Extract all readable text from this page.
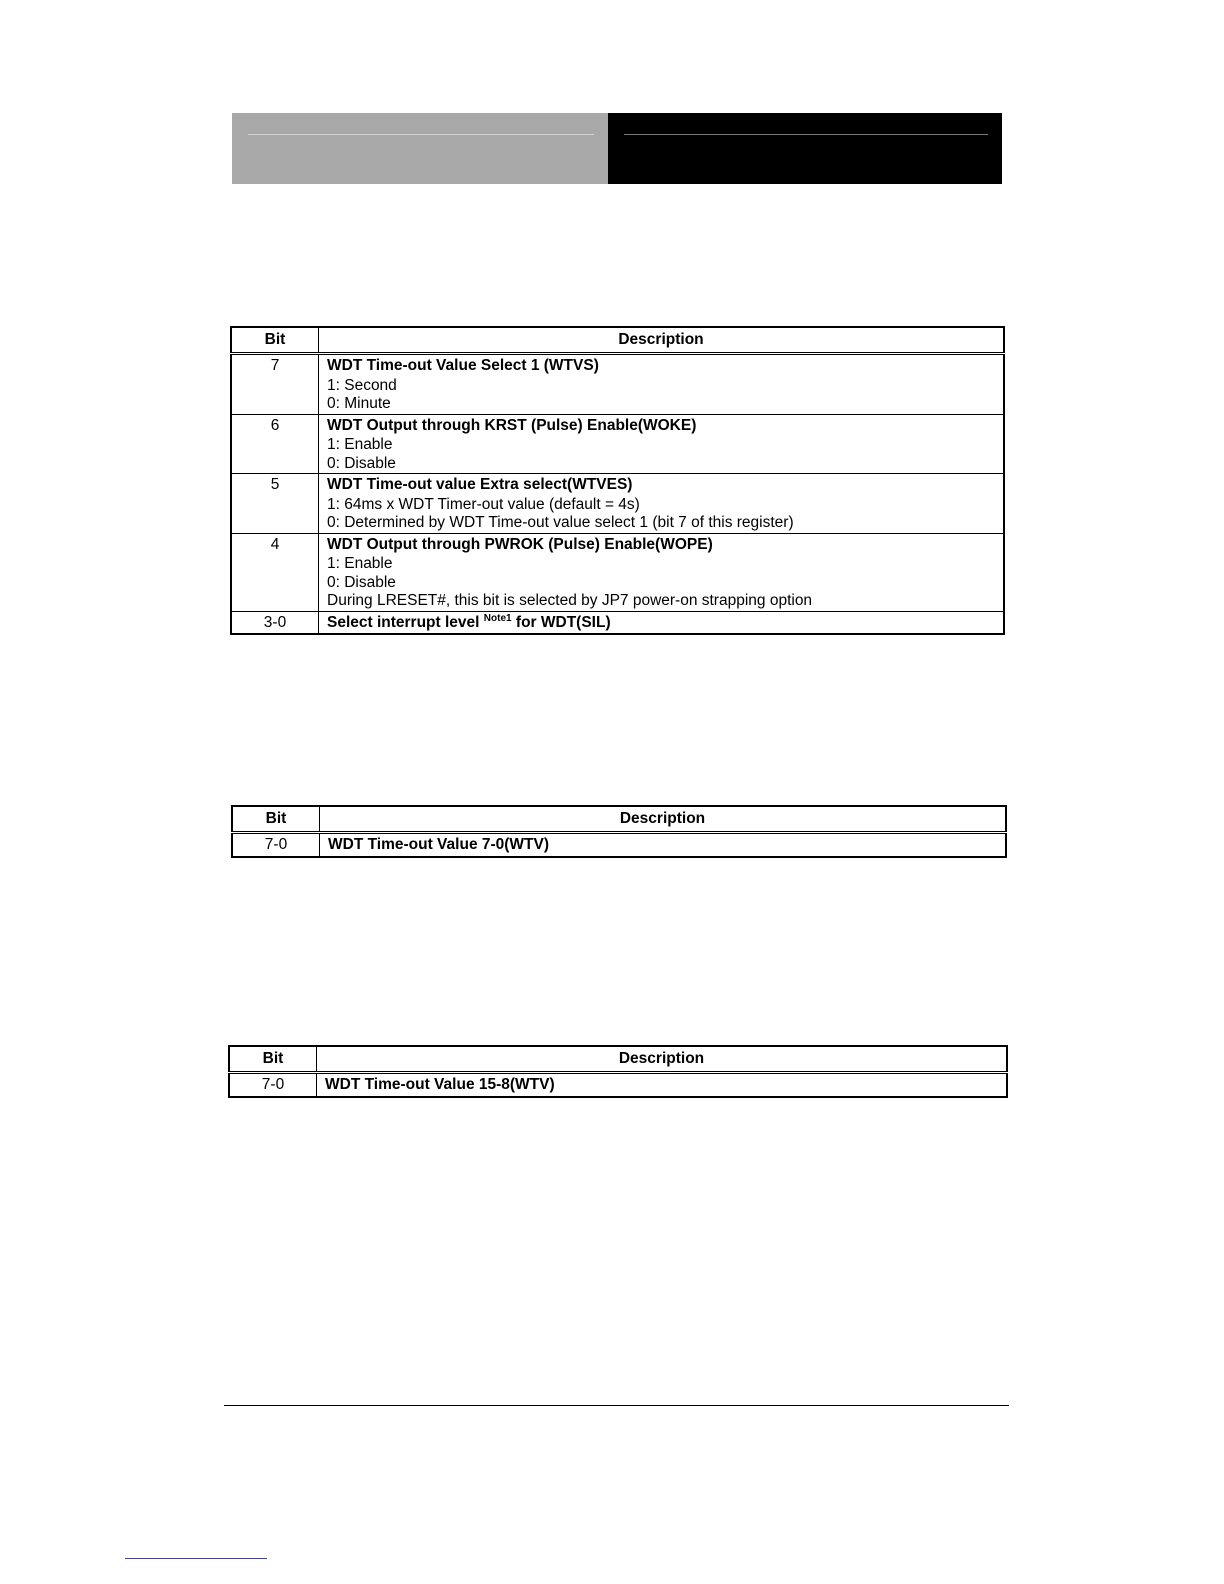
Bit	Description
7	WDT Time-out Value Select 1 (WTVS)
1: Second
0: Minute

6	WDT Output through KRST (Pulse) Enable(WOKE)
1: Enable
0: Disable

5	WDT Time-out value Extra select(WTVES)
1: 64ms x WDT Timer-out value (default = 4s)
0: Determined by WDT Time-out value select 1 (bit 7 of this register)

4	WDT Output through PWROK (Pulse) Enable(WOPE)
1: Enable
0: Disable
During LRESET#, this bit is selected by JP7 power-on strapping option

3-0	Select interrupt level $^{Note1}$ for WDT(SIL)
Bit	Description
7-0	WDT Time-out Value 7-0(WTV)
Bit	Description
7-0	WDT Time-out Value 15-8(WTV)
